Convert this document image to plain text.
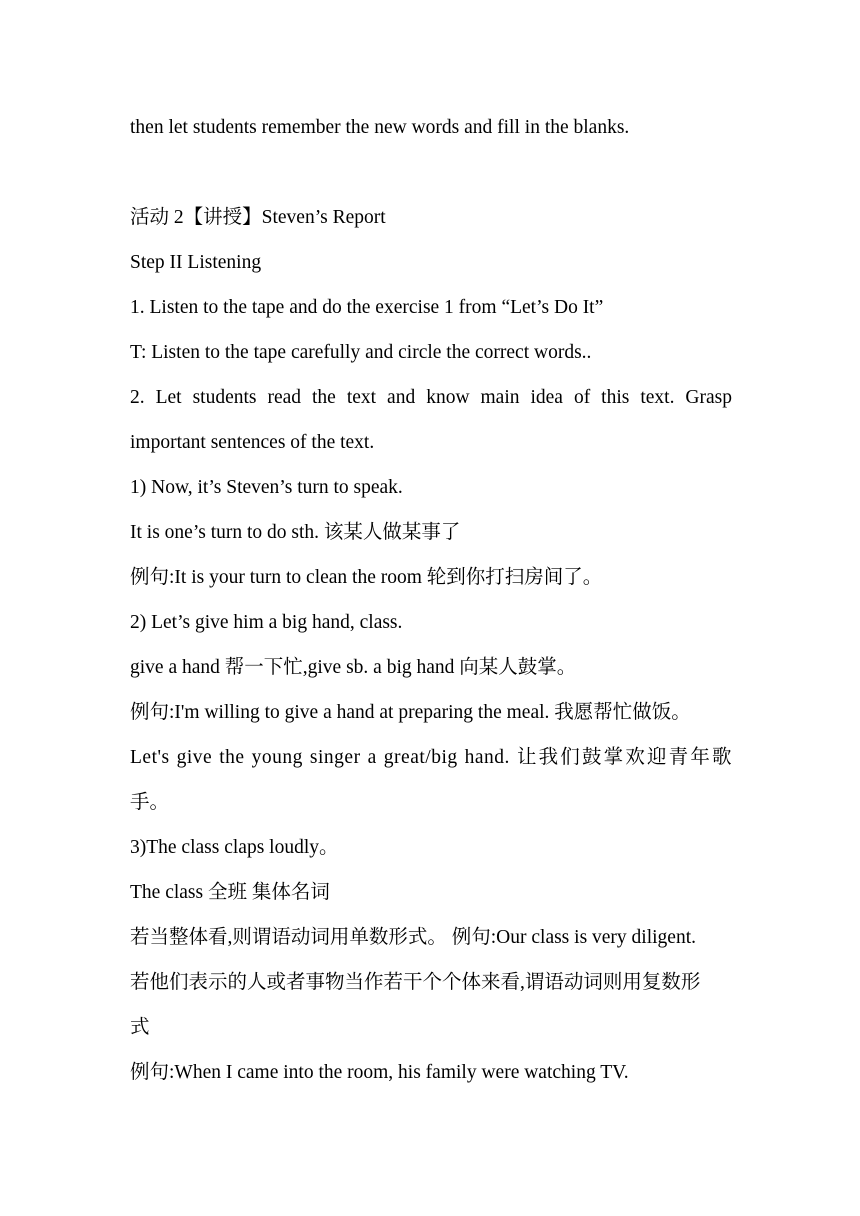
then let students remember the new words and fill in the blanks.
活动 2【讲授】Steven’s Report
Step II Listening
1. Listen to the tape and do the exercise 1 from “Let’s Do It”
T: Listen to the tape carefully and circle the correct words..
2. Let students read the text and know main idea of this text. Grasp
important sentences of the text.
1) Now, it’s Steven’s turn to speak.
It is one’s turn to do sth. 该某人做某事了
例句:It is your turn to clean the room 轮到你打扫房间了。
2) Let’s give him a big hand, class.
give a hand 帮一下忙,give sb. a big hand 向某人鼓掌。
例句:I'm willing to give a hand at preparing the meal. 我愿帮忙做饭。
Let's give the young singer a great/big hand. 让我们鼓掌欢迎青年歌
手。
3)The class claps loudly。
The class 全班 集体名词
若当整体看,则谓语动词用单数形式。 例句:Our class is very diligent.
若他们表示的人或者事物当作若干个个体来看,谓语动词则用复数形
式
例句:When I came into the room, his family were watching TV.
